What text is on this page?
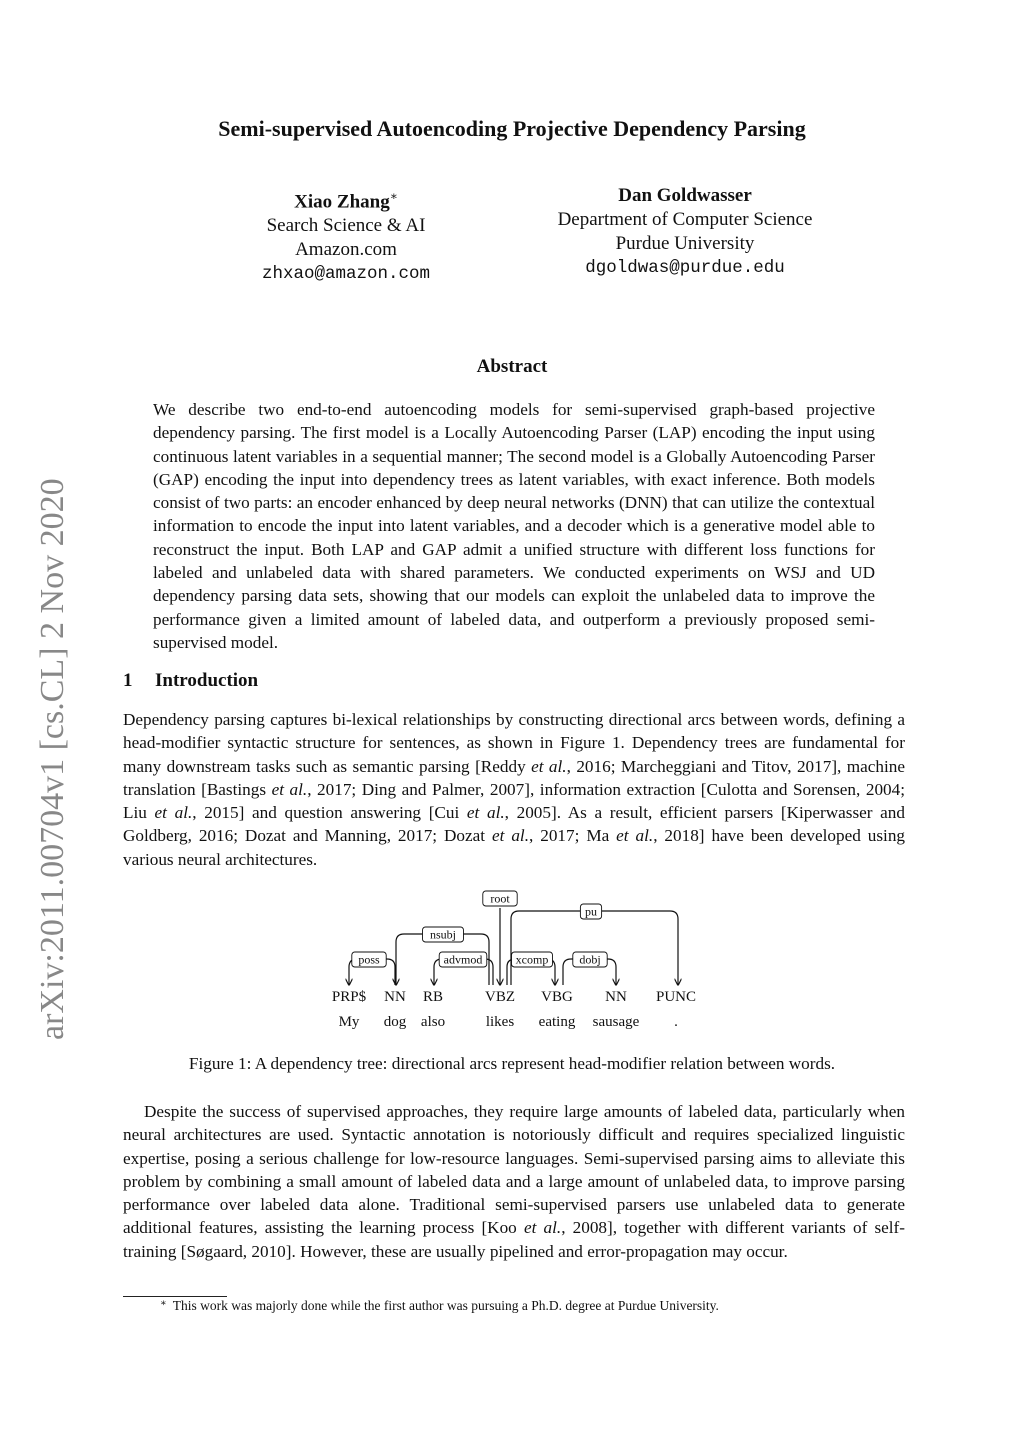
arXiv:2011.00704v1 [cs.CL] 2 Nov 2020
Semi-supervised Autoencoding Projective Dependency Parsing
Xiao Zhang∗
Search Science & AI
Amazon.com
zhxao@amazon.com
Dan Goldwasser
Department of Computer Science
Purdue University
dgoldwas@purdue.edu
Abstract

We describe two end-to-end autoencoding models for semi-supervised graph-based projective dependency parsing. The first model is a Locally Autoencoding Parser (LAP) encoding the input using continuous latent variables in a sequential manner; The second model is a Globally Autoencoding Parser (GAP) encoding the input into dependency trees as latent variables, with exact inference. Both models consist of two parts: an encoder enhanced by deep neural networks (DNN) that can utilize the contextual information to encode the input into latent variables, and a decoder which is a generative model able to reconstruct the input. Both LAP and GAP admit a unified structure with different loss functions for labeled and unlabeled data with shared parameters. We conducted experiments on WSJ and UD dependency parsing data sets, showing that our models can exploit the unlabeled data to improve the performance given a limited amount of labeled data, and outperform a previously proposed semi-supervised model.

1 Introduction

Dependency parsing captures bi-lexical relationships by constructing directional arcs between words, defining a head-modifier syntactic structure for sentences, as shown in Figure 1. Dependency trees are fundamental for many downstream tasks such as semantic parsing [Reddy et al., 2016; Marcheggiani and Titov, 2017], machine translation [Bastings et al., 2017; Ding and Palmer, 2007], information extraction [Culotta and Sorensen, 2004; Liu et al., 2015] and question answering [Cui et al., 2005]. As a result, efficient parsers [Kiperwasser and Goldberg, 2016; Dozat and Manning, 2017; Dozat et al., 2017; Ma et al., 2018] have been developed using various neural architectures.

root
poss
nsubj
advmod	xcomp	dobj
pu
PRP$
My
NN
dog
RB
also
VBZ
likes
VBG
eating
NN
sausage
PUNC
.

Figure 1: A dependency tree: directional arcs represent head-modifier relation between words.

Despite the success of supervised approaches, they require large amounts of labeled data, particularly when neural architectures are used. Syntactic annotation is notoriously difficult and requires specialized linguistic expertise, posing a serious challenge for low-resource languages. Semi-supervised parsing aims to alleviate this problem by combining a small amount of labeled data and a large amount of unlabeled data, to improve parsing performance over labeled data alone. Traditional semi-supervised parsers use unlabeled data to generate additional features, assisting the learning process [Koo et al., 2008], together with different variants of self-training [Søgaard, 2010]. However, these are usually pipelined and error-propagation may occur.

∗ This work was majorly done while the first author was pursuing a Ph.D. degree at Purdue University.
